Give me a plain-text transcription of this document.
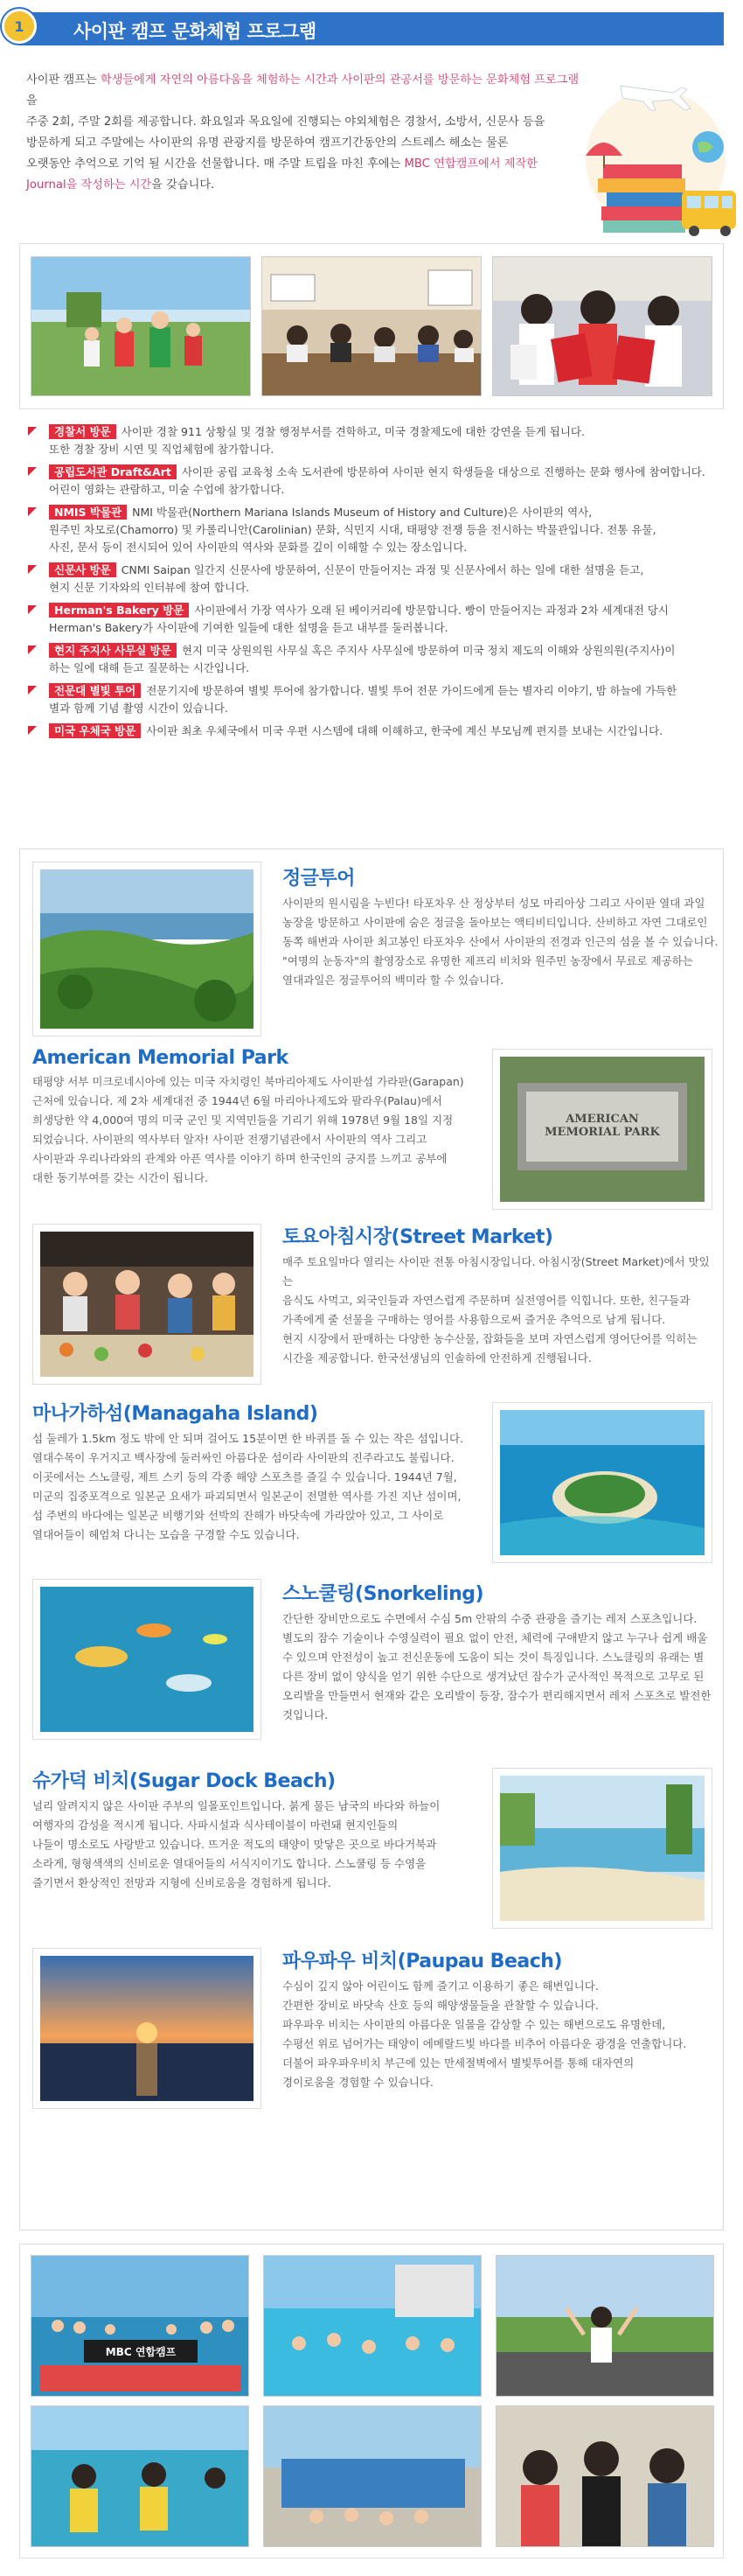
사이판 캠프 문화체험 프로그램
1
사이판 캠프는 학생들에게 자연의 아름다움을 체험하는 시간과 사이판의 관공서를 방문하는 문화체험 프로그램을
주중 2회, 주말 2회를 제공합니다. 화요일과 목요일에 진행되는 야외체험은 경찰서, 소방서, 신문사 등을
방문하게 되고 주말에는 사이판의 유명 관광지를 방문하여 캠프기간동안의 스트레스 해소는 물론
오랫동안 추억으로 기억 될 시간을 선물합니다. 매 주말 트립을 마친 후에는 MBC 연합캠프에서 제작한
Journal을 작성하는 시간을 갖습니다.
경찰서 방문 사이판 경찰 911 상황실 및 경찰 행정부서를 견학하고, 미국 경찰제도에 대한 강연을 듣게 됩니다.
또한 경찰 장비 시연 및 직업체험에 참가합니다.
공립도서관 Draft&Art 사이판 공립 교육청 소속 도서관에 방문하여 사이판 현지 학생들을 대상으로 진행하는 문화 행사에 참여합니다.
어린이 영화는 관람하고, 미술 수업에 참가합니다.
NMIS 박물관 NMI 박물관(Northern Mariana Islands Museum of History and Culture)은 사이판의 역사,
원주민 차모로(Chamorro) 및 카롤리니안(Carolinian) 문화, 식민지 시대, 태평양 전쟁 등을 전시하는 박물관입니다. 전통 유물,
사진, 문서 등이 전시되어 있어 사이판의 역사와 문화를 깊이 이해할 수 있는 장소입니다.
신문사 방문 CNMI Saipan 일간지 신문사에 방문하여, 신문이 만들어지는 과정 및 신문사에서 하는 일에 대한 설명을 듣고,
현지 신문 기자와의 인터뷰에 참여 합니다.
Herman's Bakery 방문 사이판에서 가장 역사가 오래 된 베이커리에 방문합니다. 빵이 만들어지는 과정과 2차 세계대전 당시
Herman's Bakery가 사이판에 기여한 일들에 대한 설명을 듣고 내부를 둘러봅니다.
현지 주지사 사무실 방문 현지 미국 상원의원 사무실 혹은 주지사 사무실에 방문하여 미국 정치 제도의 이해와 상원의원(주지사)이
하는 일에 대해 듣고 질문하는 시간입니다.
전문대 별빛 투어 전문기지에 방문하여 별빛 투어에 참가합니다. 별빛 투어 전문 가이드에게 듣는 별자리 이야기, 밤 하늘에 가득한
별과 함께 기념 촬영 시간이 있습니다.
미국 우체국 방문 사이판 최초 우체국에서 미국 우편 시스템에 대해 이해하고, 한국에 계신 부모님께 편지를 보내는 시간입니다.
정글투어
사이판의 원시림을 누빈다! 타포차우 산 정상부터 성모 마리아상 그리고 사이판 열대 과일
농장을 방문하고 사이판에 숨은 정글을 돌아보는 액티비티입니다. 산비하고 자연 그대로인
동쪽 해변과 사이판 최고봉인 타포차우 산에서 사이판의 전경과 인근의 섬을 볼 수 있습니다.
"여명의 눈동자"의 촬영장소로 유명한 제프리 비치와 원주민 농장에서 무료로 제공하는
열대과일은 정글투어의 백미라 할 수 있습니다.
American Memorial Park
태평양 서부 미크로네시아에 있는 미국 자치령인 북마리아제도 사이판섬 가라판(Garapan)
근처에 있습니다. 제 2차 세계대전 중 1944년 6월 마리아나제도와 팔라우(Palau)에서
희생당한 약 4,000여 명의 미국 군인 및 지역민들을 기리기 위해 1978년 9월 18일 지정
되었습니다. 사이판의 역사부터 알자! 사이판 전쟁기념관에서 사이판의 역사 그리고
사이판과 우리나라와의 관계와 아픈 역사를 이야기 하며 한국인의 긍지를 느끼고 공부에
대한 동기부여를 갖는 시간이 됩니다.
AMERICAN
MEMORIAL PARK
토요아침시장(Street Market)
매주 토요일마다 열리는 사이판 전통 아침시장입니다. 아침시장(Street Market)에서 맛있는
음식도 사먹고, 외국인들과 자연스럽게 주문하며 실전영어를 익힙니다. 또한, 친구들과
가족에게 줄 선물을 구매하는 영어를 사용함으로써 즐거운 추억으로 남게 됩니다.
현지 시장에서 판매하는 다양한 농수산물, 잡화들을 보며 자연스럽게 영어단어를 익히는
시간을 제공합니다. 한국선생님의 인솔하에 안전하게 진행됩니다.
마나가하섬(Managaha Island)
섬 둘레가 1.5km 정도 밖에 안 되며 걸어도 15분이면 한 바퀴를 돌 수 있는 작은 섬입니다.
열대수목이 우거지고 백사장에 둘러싸인 아름다운 섬이라 사이판의 진주라고도 불립니다.
이곳에서는 스노클링, 제트 스키 등의 각종 해양 스포츠를 즐길 수 있습니다. 1944년 7월,
미군의 집중포격으로 일본군 요새가 파괴되면서 일본군이 전멸한 역사를 가진 지난 섬이며,
섬 주변의 바다에는 일본군 비행기와 선박의 잔해가 바닷속에 가라앉아 있고, 그 사이로
열대어들이 헤엄쳐 다니는 모습을 구경할 수도 있습니다.
스노쿨링(Snorkeling)
간단한 장비만으로도 수면에서 수심 5m 안팎의 수중 관광을 즐기는 레저 스포츠입니다.
별도의 잠수 기술이나 수영실력이 필요 없이 안전, 체력에 구애받지 않고 누구나 쉽게 배울
수 있으며 안전성이 높고 전신운동에 도움이 되는 것이 특징입니다. 스노클링의 유래는 별
다른 장비 없이 양식을 얻기 위한 수단으로 생겨났던 잠수가 군사적인 목적으로 고무로 된
오리발을 만들면서 현재와 같은 오리발이 등장, 잠수가 편리해지면서 레저 스포츠로 발전한
것입니다.
슈가덕 비치(Sugar Dock Beach)
널리 알려지지 않은 사이판 주부의 일몰포인트입니다. 붉게 물든 남국의 바다와 하늘이
여행자의 감성을 적시게 됩니다. 사파시설과 식사테이블이 마련돼 현지인들의
나들이 명소로도 사랑받고 있습니다. 뜨거운 적도의 태양이 맞닿은 곳으로 바다거북과
소라게, 형형색색의 신비로운 열대어들의 서식지이기도 합니다. 스노쿨링 등 수영을
즐기면서 환상적인 전망과 지형에 신비로움을 경험하게 됩니다.
파우파우 비치(Paupau Beach)
수심이 깊지 않아 어린이도 함께 즐기고 이용하기 좋은 해변입니다.
간편한 장비로 바닷속 산호 등의 해양생물들을 관찰할 수 있습니다.
파우파우 비치는 사이판의 아름다운 일몰을 감상할 수 있는 해변으로도 유명한데,
수평선 위로 넘어가는 태양이 에메랄드빛 바다를 비추어 아름다운 광경을 연출합니다.
더불어 파우파우비치 부근에 있는 만세절벽에서 별빛투어를 통해 대자연의
경이로움을 경험할 수 있습니다.
MBC 연합캠프
